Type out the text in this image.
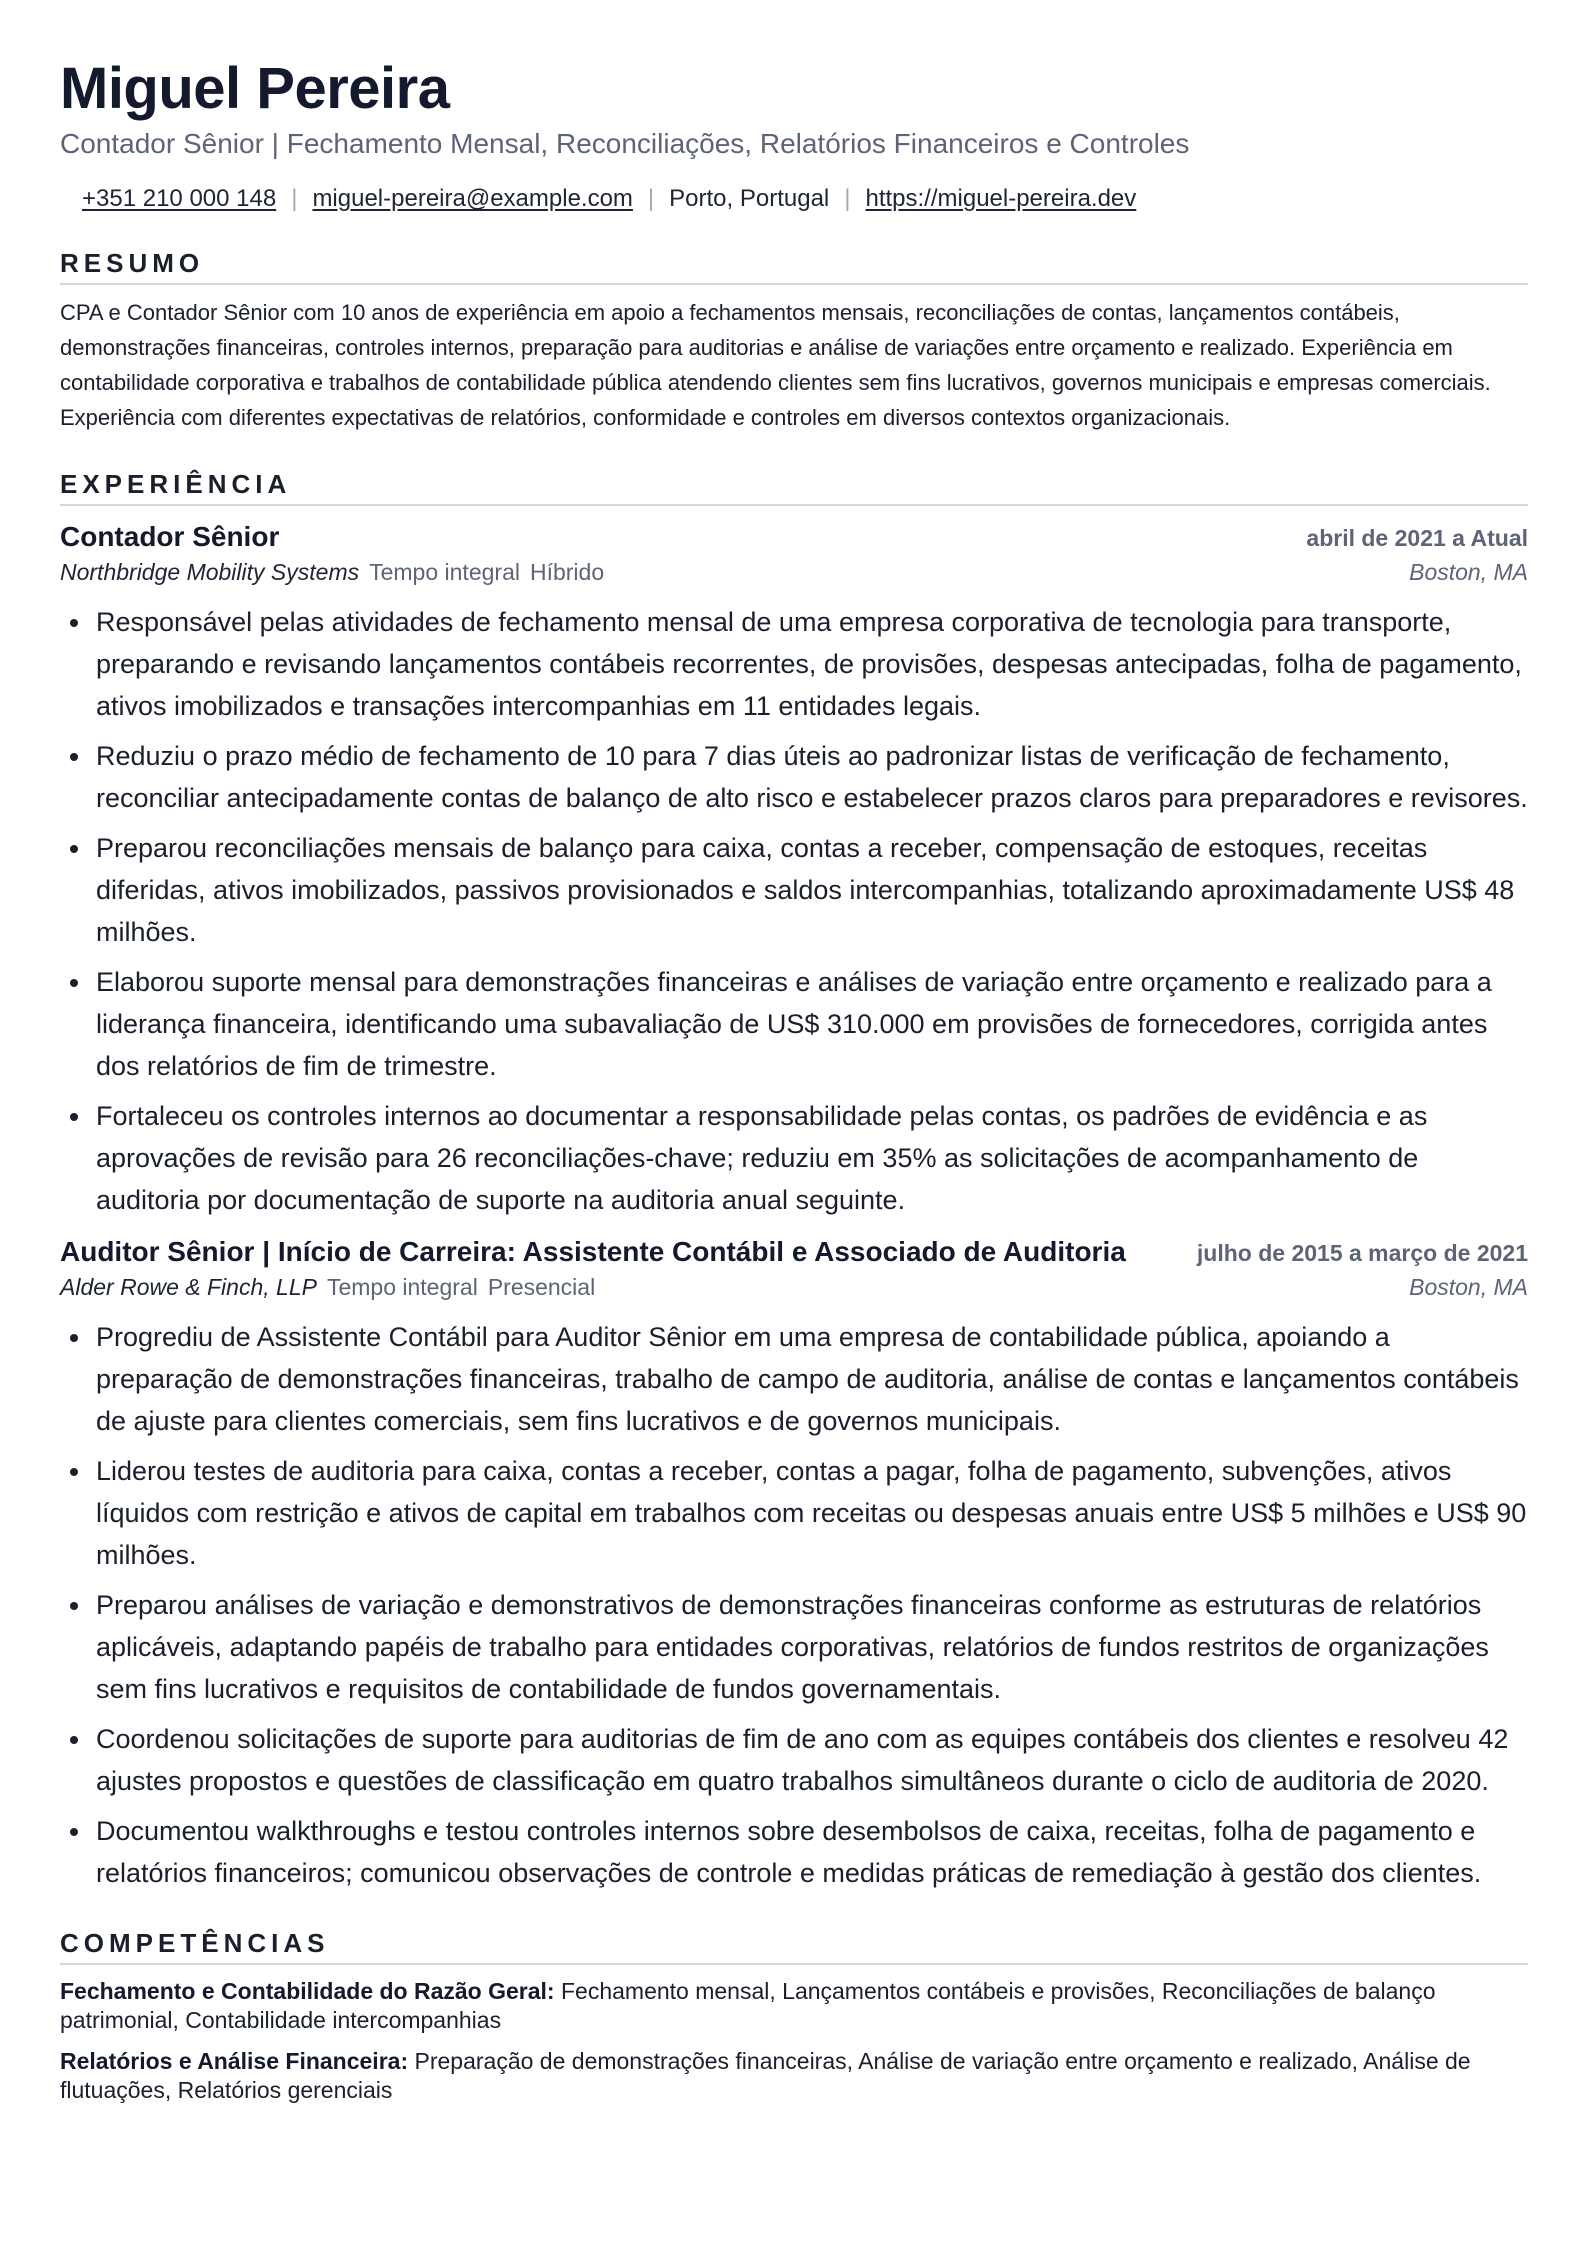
Miguel Pereira
Contador Sênior | Fechamento Mensal, Reconciliações, Relatórios Financeiros e Controles
+351 210 000 148 | miguel-pereira@example.com | Porto, Portugal | https://miguel-pereira.dev
RESUMO
CPA e Contador Sênior com 10 anos de experiência em apoio a fechamentos mensais, reconciliações de contas, lançamentos contábeis, demonstrações financeiras, controles internos, preparação para auditorias e análise de variações entre orçamento e realizado. Experiência em contabilidade corporativa e trabalhos de contabilidade pública atendendo clientes sem fins lucrativos, governos municipais e empresas comerciais. Experiência com diferentes expectativas de relatórios, conformidade e controles em diversos contextos organizacionais.
EXPERIÊNCIA
Contador Sênior	abril de 2021 a Atual
Northbridge Mobility Systems Tempo integral Híbrido	Boston, MA
Responsável pelas atividades de fechamento mensal de uma empresa corporativa de tecnologia para transporte, preparando e revisando lançamentos contábeis recorrentes, de provisões, despesas antecipadas, folha de pagamento, ativos imobilizados e transações intercompanhias em 11 entidades legais.
Reduziu o prazo médio de fechamento de 10 para 7 dias úteis ao padronizar listas de verificação de fechamento, reconciliar antecipadamente contas de balanço de alto risco e estabelecer prazos claros para preparadores e revisores.
Preparou reconciliações mensais de balanço para caixa, contas a receber, compensação de estoques, receitas diferidas, ativos imobilizados, passivos provisionados e saldos intercompanhias, totalizando aproximadamente US$ 48 milhões.
Elaborou suporte mensal para demonstrações financeiras e análises de variação entre orçamento e realizado para a liderança financeira, identificando uma subavaliação de US$ 310.000 em provisões de fornecedores, corrigida antes dos relatórios de fim de trimestre.
Fortaleceu os controles internos ao documentar a responsabilidade pelas contas, os padrões de evidência e as aprovações de revisão para 26 reconciliações-chave; reduziu em 35% as solicitações de acompanhamento de auditoria por documentação de suporte na auditoria anual seguinte.
Auditor Sênior | Início de Carreira: Assistente Contábil e Associado de Auditoria	julho de 2015 a março de 2021
Alder Rowe & Finch, LLP Tempo integral Presencial	Boston, MA
Progrediu de Assistente Contábil para Auditor Sênior em uma empresa de contabilidade pública, apoiando a preparação de demonstrações financeiras, trabalho de campo de auditoria, análise de contas e lançamentos contábeis de ajuste para clientes comerciais, sem fins lucrativos e de governos municipais.
Liderou testes de auditoria para caixa, contas a receber, contas a pagar, folha de pagamento, subvenções, ativos líquidos com restrição e ativos de capital em trabalhos com receitas ou despesas anuais entre US$ 5 milhões e US$ 90 milhões.
Preparou análises de variação e demonstrativos de demonstrações financeiras conforme as estruturas de relatórios aplicáveis, adaptando papéis de trabalho para entidades corporativas, relatórios de fundos restritos de organizações sem fins lucrativos e requisitos de contabilidade de fundos governamentais.
Coordenou solicitações de suporte para auditorias de fim de ano com as equipes contábeis dos clientes e resolveu 42 ajustes propostos e questões de classificação em quatro trabalhos simultâneos durante o ciclo de auditoria de 2020.
Documentou walkthroughs e testou controles internos sobre desembolsos de caixa, receitas, folha de pagamento e relatórios financeiros; comunicou observações de controle e medidas práticas de remediação à gestão dos clientes.
COMPETÊNCIAS
Fechamento e Contabilidade do Razão Geral: Fechamento mensal, Lançamentos contábeis e provisões, Reconciliações de balanço patrimonial, Contabilidade intercompanhias
Relatórios e Análise Financeira: Preparação de demonstrações financeiras, Análise de variação entre orçamento e realizado, Análise de flutuações, Relatórios gerenciais
